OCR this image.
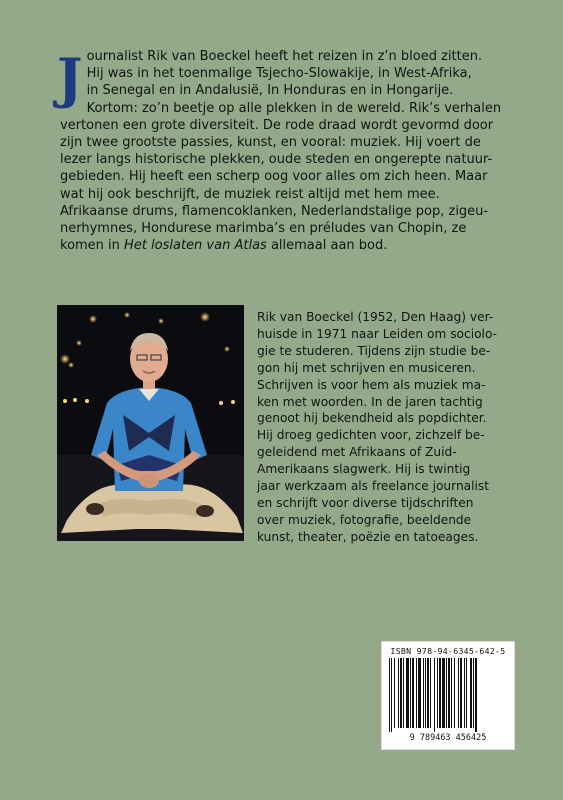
J ournalist Rik van Boeckel heeft het reizen in z’n bloed zitten.
Hij was in het toenmalige Tsjecho-Slowakije, in West-Afrika,
in Senegal en in Andalusië, In Honduras en in Hongarije.
Kortom: zo’n beetje op alle plekken in de wereld. Rik’s verhalen
vertonen een grote diversiteit. De rode draad wordt gevormd door
zijn twee grootste passies, kunst, en vooral: muziek. Hij voert de
lezer langs historische plekken, oude steden en ongerepte natuur-
gebieden. Hij heeft een scherp oog voor alles om zich heen. Maar
wat hij ook beschrijft, de muziek reist altijd met hem mee.
Afrikaanse drums, flamencoklanken, Nederlandstalige pop, zigeu-
nerhymnes, Hondurese marimba’s en préludes van Chopin, ze
komen in Het loslaten van Atlas allemaal aan bod.
Rik van Boeckel (1952, Den Haag) ver-
huisde in 1971 naar Leiden om sociolo-
gie te studeren. Tijdens zijn studie be-
gon hij met schrijven en musiceren.
Schrijven is voor hem als muziek ma-
ken met woorden. In de jaren tachtig
genoot hij bekendheid als popdichter.
Hij droeg gedichten voor, zichzelf be-
geleidend met Afrikaans of Zuid-
Amerikaans slagwerk. Hij is twintig
jaar werkzaam als freelance journalist
en schrijft voor diverse tijdschriften
over muziek, fotografie, beeldende
kunst, theater, poëzie en tatoeages.
ISBN 978-94-6345-642-5
9 789463 456425
